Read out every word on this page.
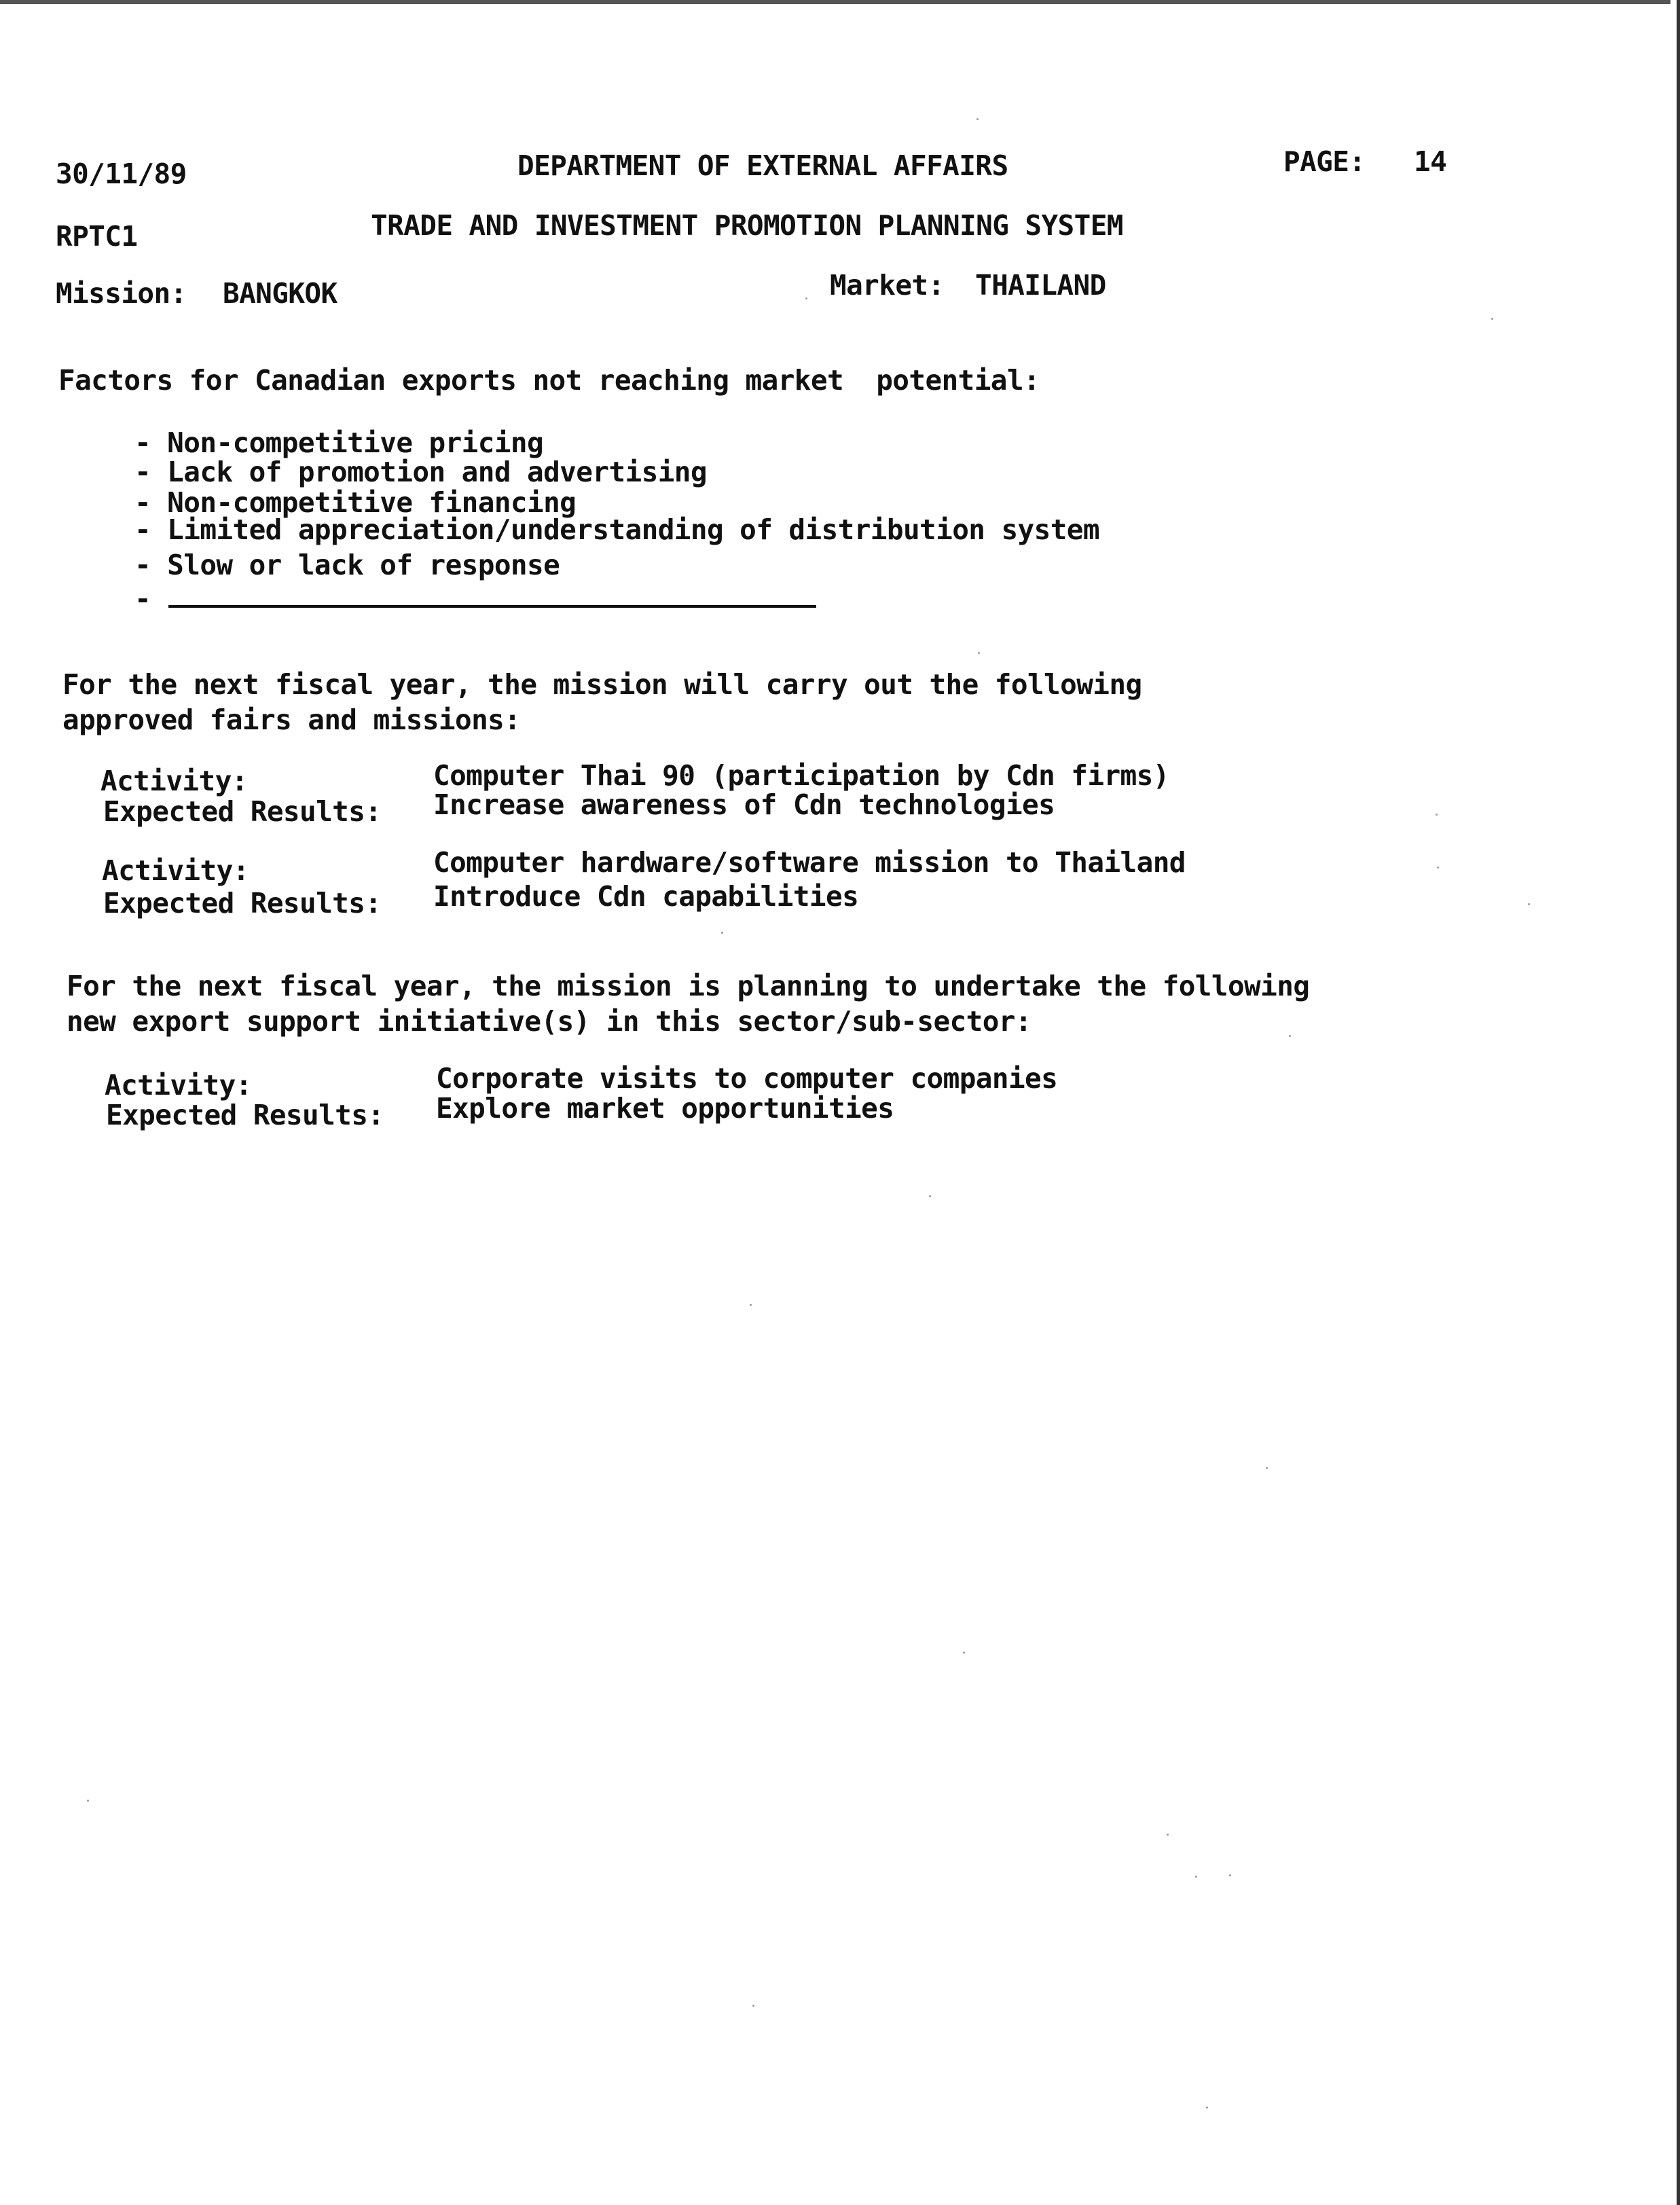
30/11/89	DEPARTMENT OF EXTERNAL AFFAIRS	PAGE: 14
RPTC1	TRADE AND INVESTMENT PROMOTION PLANNING SYSTEM
Mission: BANGKOK	Market: THAILAND
Factors for Canadian exports not reaching market  potential:
- Non-competitive pricing
- Lack of promotion and advertising
- Non-competitive financing
- Limited appreciation/understanding of distribution system
- Slow or lack of response
-
For the next fiscal year, the mission will carry out the following
approved fairs and missions:
Activity:	Computer Thai 90 (participation by Cdn firms)
Expected Results: Increase awareness of Cdn technologies
Activity:	Computer hardware/software mission to Thailand
Expected Results: Introduce Cdn capabilities
For the next fiscal year, the mission is planning to undertake the following
new export support initiative(s) in this sector/sub-sector:
Activity:	Corporate visits to computer companies
Expected Results: Explore market opportunities
